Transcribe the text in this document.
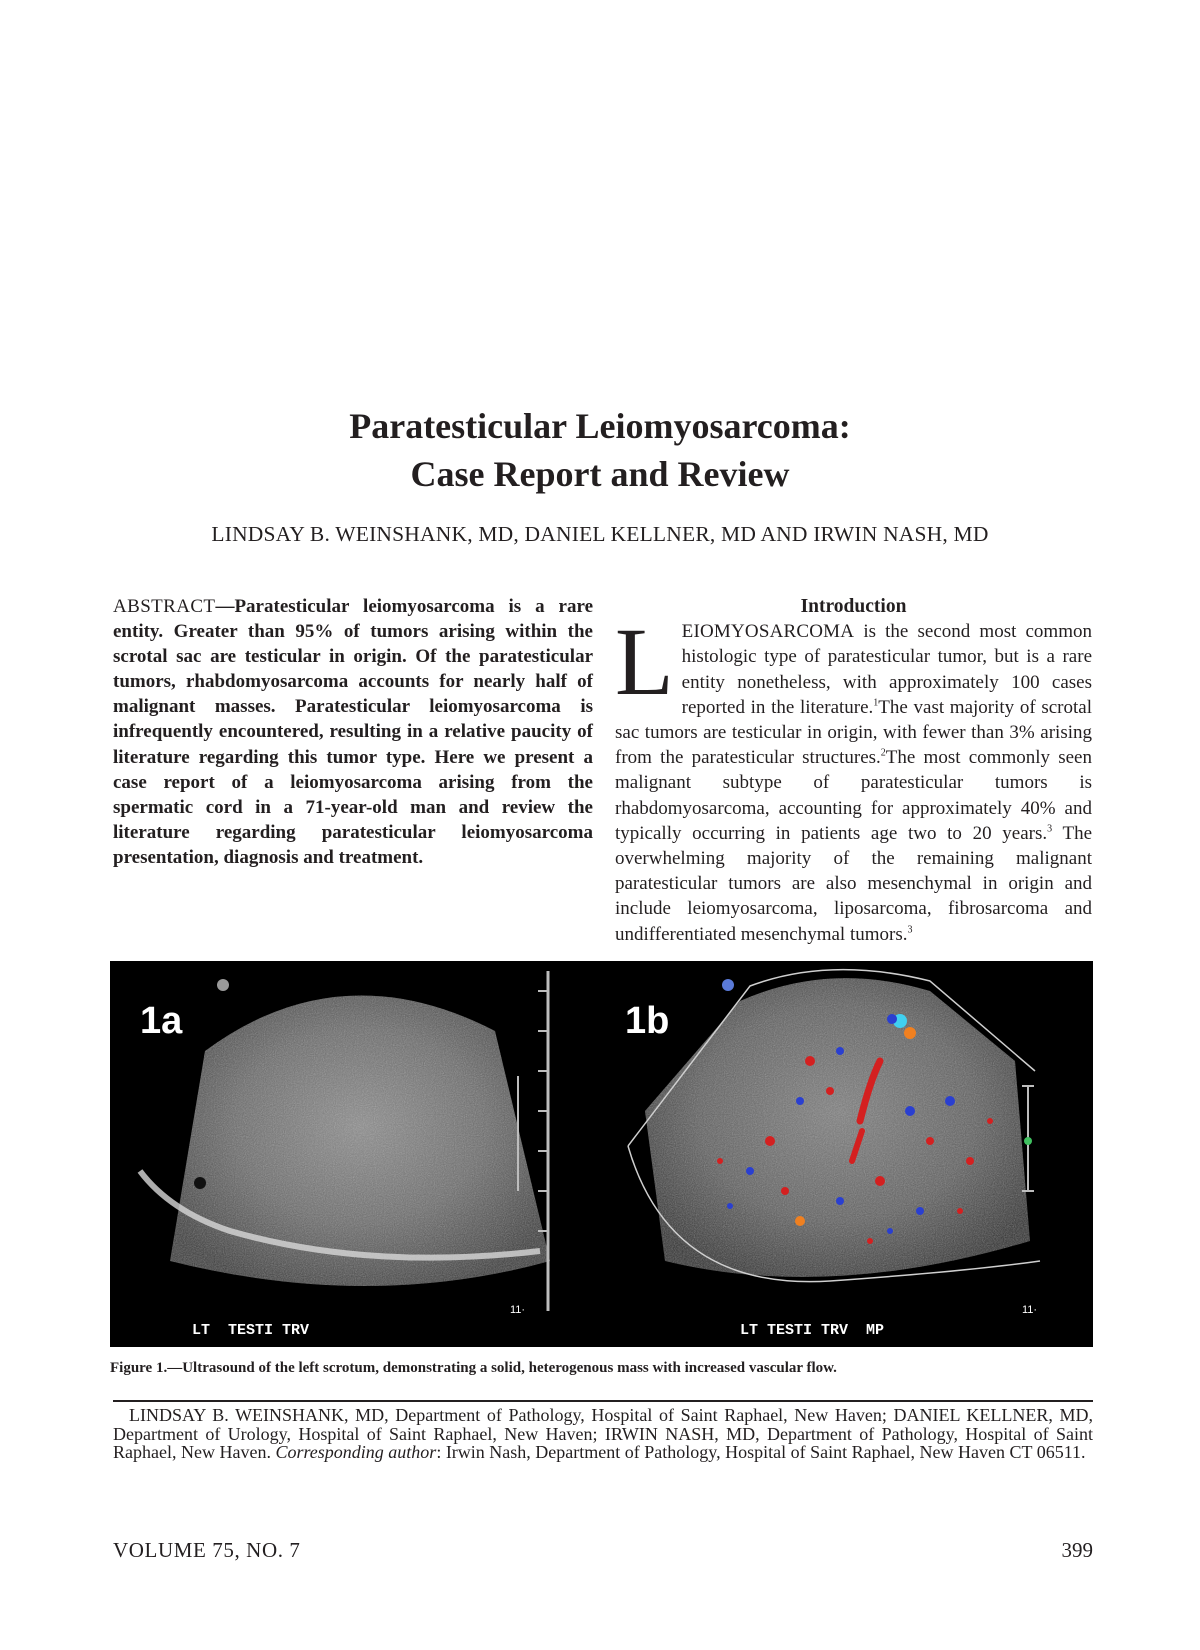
Paratesticular Leiomyosarcoma:
Case Report and Review
LINDSAY B. WEINSHANK, MD, DANIEL KELLNER, MD AND IRWIN NASH, MD
ABSTRACT—Paratesticular leiomyosarcoma is a rare entity. Greater than 95% of tumors arising within the scrotal sac are testicular in origin. Of the paratesticular tumors, rhabdomyosarcoma accounts for nearly half of malignant masses. Paratesticular leiomyosarcoma is infrequently encountered, resulting in a relative paucity of literature regarding this tumor type. Here we present a case report of a leiomyosarcoma arising from the spermatic cord in a 71-year-old man and review the literature regarding paratesticular leiomyosarcoma presentation, diagnosis and treatment.
Introduction

LEIOMYOSARCOMA is the second most common histologic type of paratesticular tumor, but is a rare entity nonetheless, with approximately 100 cases reported in the literature.$^1$The vast majority of scrotal sac tumors are testicular in origin, with fewer than 3% arising from the paratesticular structures.$^2$The most commonly seen malignant subtype of paratesticular tumors is rhabdomyosarcoma, accounting for approximately 40% and typically occurring in patients age two to 20 years.$^3$ The overwhelming majority of the remaining malignant paratesticular tumors are also mesenchymal in origin and include leiomyosarcoma, liposarcoma, fibrosarcoma and undifferentiated mesenchymal tumors.$^3$

1a
LT  TESTI TRV
11·
1b
LT TESTI TRV  MP
11·
Figure 1.—Ultrasound of the left scrotum, demonstrating a solid, heterogenous mass with increased vascular flow.
LINDSAY B. WEINSHANK, MD, Department of Pathology, Hospital of Saint Raphael, New Haven; DANIEL KELLNER, MD, Department of Urology, Hospital of Saint Raphael, New Haven; IRWIN NASH, MD, Department of Pathology, Hospital of Saint Raphael, New Haven. Corresponding author: Irwin Nash, Department of Pathology, Hospital of Saint Raphael, New Haven CT 06511.
VOLUME 75, NO. 7	399
